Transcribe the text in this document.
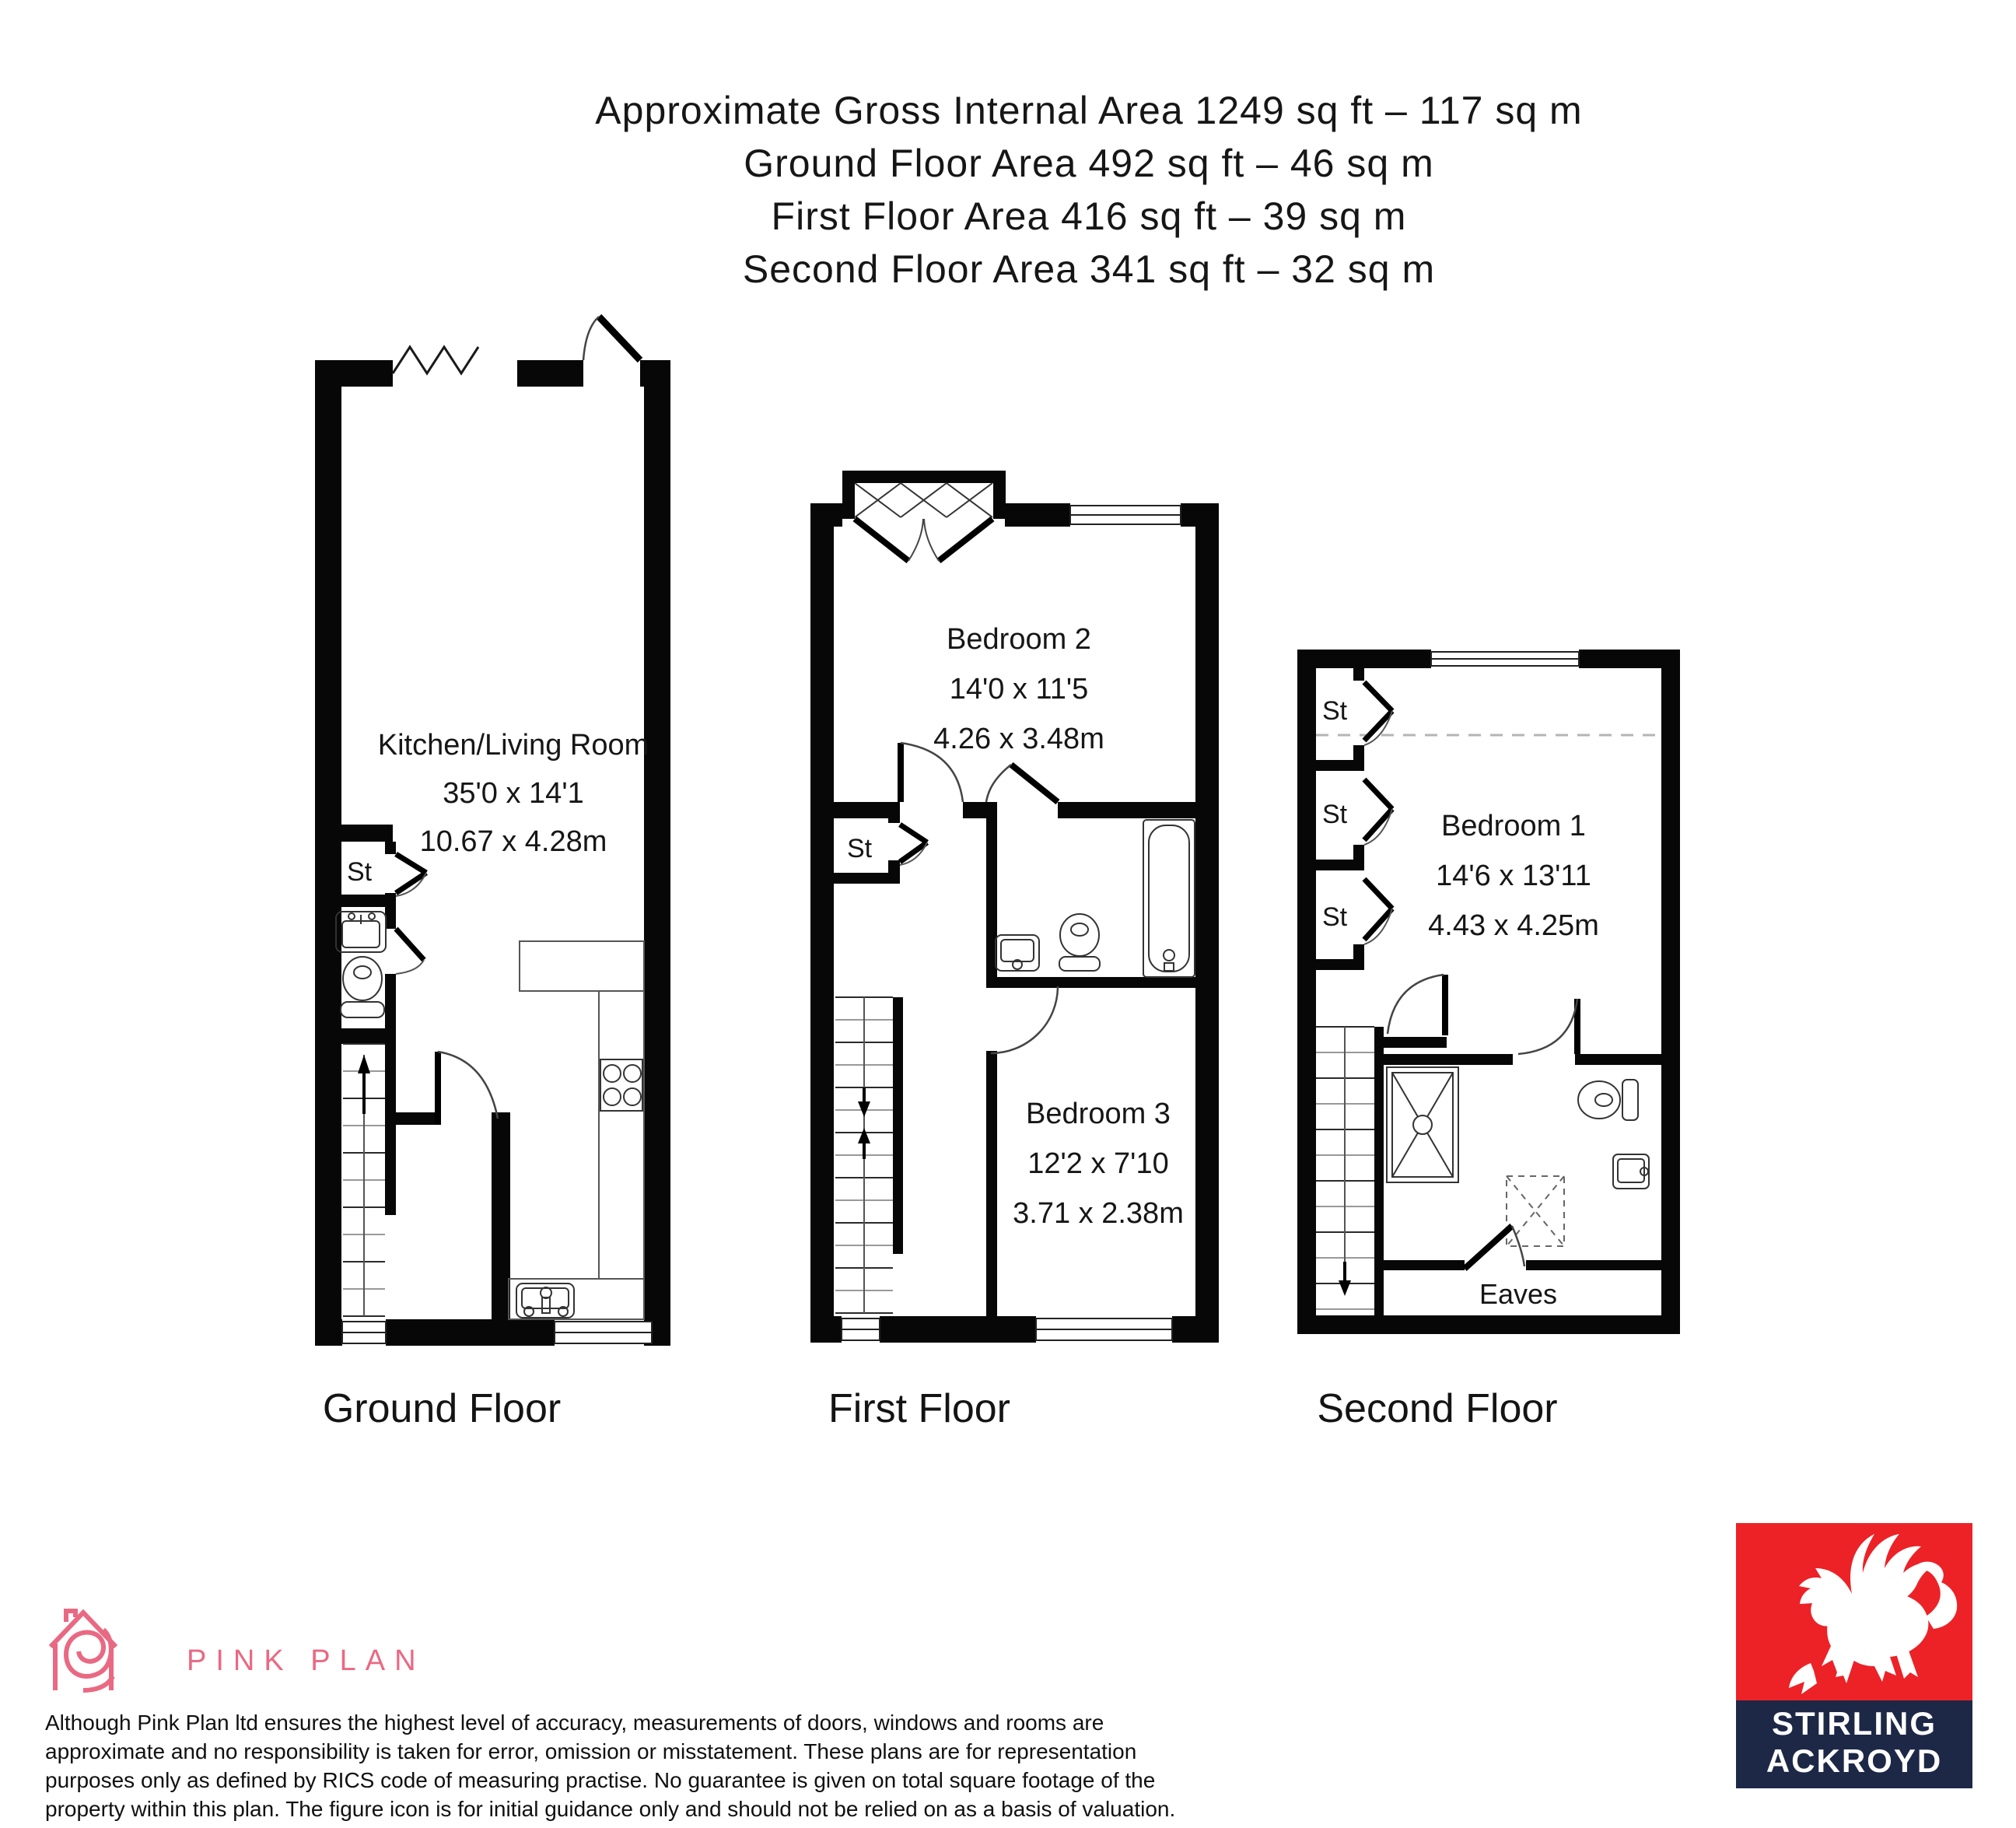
Approximate Gross Internal Area 1249 sq ft – 117 sq m
Ground Floor Area 492 sq ft – 46 sq m
First Floor Area 416 sq ft – 39 sq m
Second Floor Area 341 sq ft – 32 sq m
Kitchen/Living Room
35'0 x 14'1
10.67 x 4.28m
St
Ground Floor
Bedroom 2
14'0 x 11'5
4.26 x 3.48m
St
Bedroom 3
12'2 x 7'10
3.71 x 2.38m
First Floor
St
St
St
Bedroom 1
14'6 x 13'11
4.43 x 4.25m
Eaves
Second Floor
PINK PLAN
Although Pink Plan ltd ensures the highest level of accuracy, measurements of doors, windows and rooms are
approximate and no responsibility is taken for error, omission or misstatement. These plans are for representation
purposes only as defined by RICS code of measuring practise. No guarantee is given on total square footage of the
property within this plan. The figure icon is for initial guidance only and should not be relied on as a basis of valuation.
STIRLING
ACKROYD
